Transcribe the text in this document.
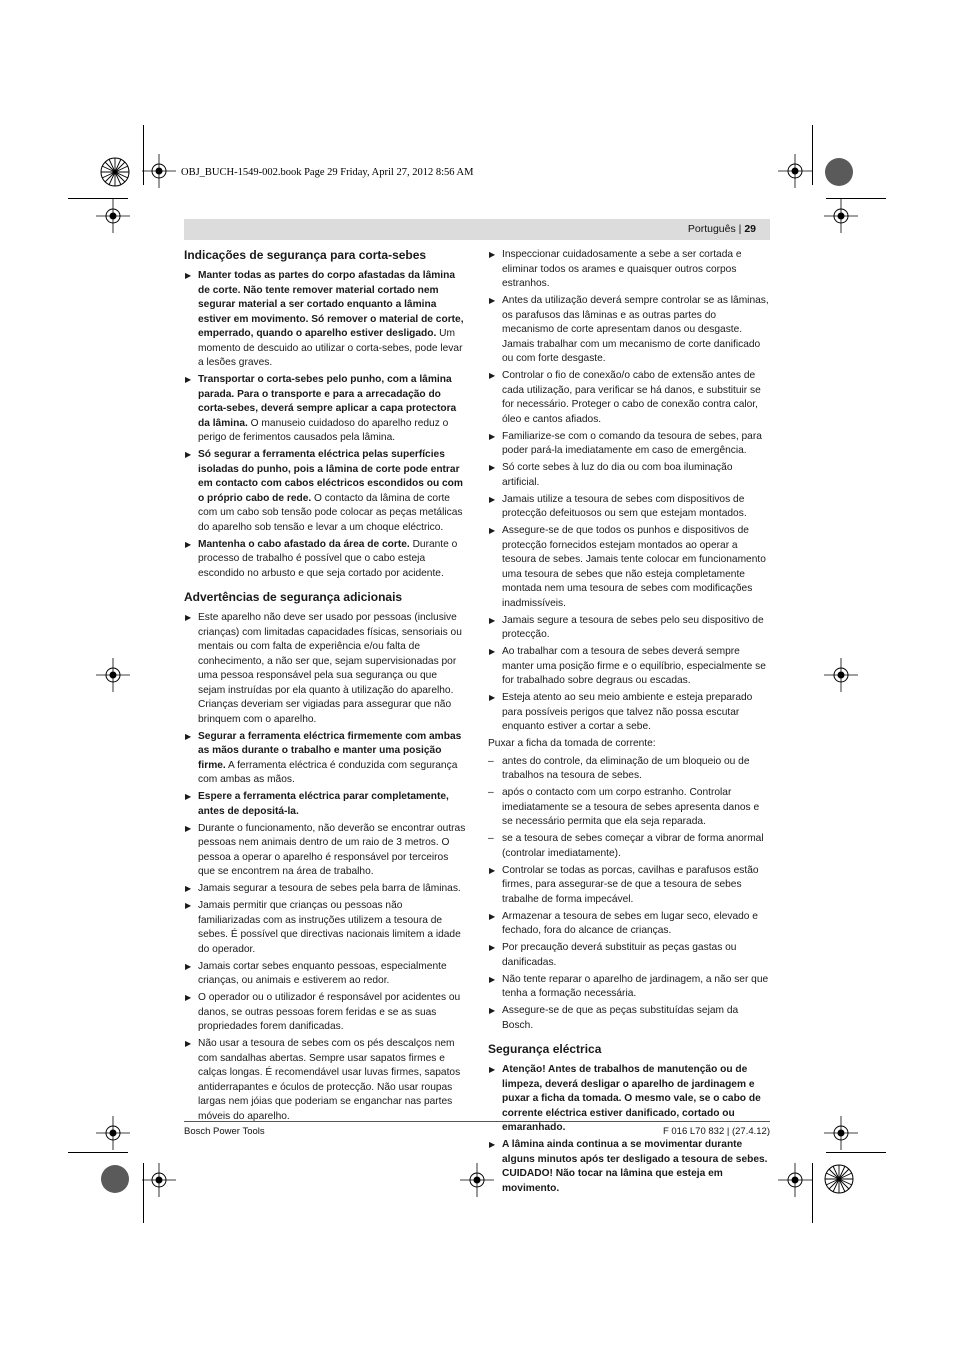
OBJ_BUCH-1549-002.book Page 29 Friday, April 27, 2012 8:56 AM
Português | 29
Indicações de segurança para corta-sebes
▶ Manter todas as partes do corpo afastadas da lâmina de corte. Não tente remover material cortado nem segurar material a ser cortado enquanto a lâmina estiver em movimento. Só remover o material de corte, emperrado, quando o aparelho estiver desligado. Um momento de descuido ao utilizar o corta-sebes, pode levar a lesões graves.
▶ Transportar o corta-sebes pelo punho, com a lâmina parada. Para o transporte e para a arrecadação do corta-sebes, deverá sempre aplicar a capa protectora da lâmina. O manuseio cuidadoso do aparelho reduz o perigo de ferimentos causados pela lâmina.
▶ Só segurar a ferramenta eléctrica pelas superfícies isoladas do punho, pois a lâmina de corte pode entrar em contacto com cabos eléctricos escondidos ou com o próprio cabo de rede. O contacto da lâmina de corte com um cabo sob tensão pode colocar as peças metálicas do aparelho sob tensão e levar a um choque eléctrico.
▶ Mantenha o cabo afastado da área de corte. Durante o processo de trabalho é possível que o cabo esteja escondido no arbusto e que seja cortado por acidente.
Advertências de segurança adicionais
▶ Este aparelho não deve ser usado por pessoas (inclusive crianças) com limitadas capacidades físicas, sensoriais ou mentais ou com falta de experiência e/ou falta de conhecimento, a não ser que, sejam supervisionadas por uma pessoa responsável pela sua segurança ou que sejam instruídas por ela quanto à utilização do aparelho.
Crianças deveriam ser vigiadas para assegurar que não brinquem com o aparelho.
▶ Segurar a ferramenta eléctrica firmemente com ambas as mãos durante o trabalho e manter uma posição firme. A ferramenta eléctrica é conduzida com segurança com ambas as mãos.
▶ Espere a ferramenta eléctrica parar completamente, antes de depositá-la.
▶ Durante o funcionamento, não deverão se encontrar outras pessoas nem animais dentro de um raio de 3 metros. O pessoa a operar o aparelho é responsável por terceiros que se encontrem na área de trabalho.
▶ Jamais segurar a tesoura de sebes pela barra de lâminas.
▶ Jamais permitir que crianças ou pessoas não familiarizadas com as instruções utilizem a tesoura de sebes. É possível que directivas nacionais limitem a idade do operador.
▶ Jamais cortar sebes enquanto pessoas, especialmente crianças, ou animais e estiverem ao redor.
▶ O operador ou o utilizador é responsável por acidentes ou danos, se outras pessoas forem feridas e se as suas propriedades forem danificadas.
▶ Não usar a tesoura de sebes com os pés descalços nem com sandalhas abertas. Sempre usar sapatos firmes e calças longas. É recomendável usar luvas firmes, sapatos antiderrapantes e óculos de protecção. Não usar roupas largas nem jóias que poderiam se enganchar nas partes móveis do aparelho.
▶ Inspeccionar cuidadosamente a sebe a ser cortada e eliminar todos os arames e quaisquer outros corpos estranhos.
▶ Antes da utilização deverá sempre controlar se as lâminas, os parafusos das lâminas e as outras partes do mecanismo de corte apresentam danos ou desgaste. Jamais trabalhar com um mecanismo de corte danificado ou com forte desgaste.
▶ Controlar o fio de conexão/o cabo de extensão antes de cada utilização, para verificar se há danos, e substituir se for necessário. Proteger o cabo de conexão contra calor, óleo e cantos afiados.
▶ Familiarize-se com o comando da tesoura de sebes, para poder pará-la imediatamente em caso de emergência.
▶ Só corte sebes à luz do dia ou com boa iluminação artificial.
▶ Jamais utilize a tesoura de sebes com dispositivos de protecção defeituosos ou sem que estejam montados.
▶ Assegure-se de que todos os punhos e dispositivos de protecção fornecidos estejam montados ao operar a tesoura de sebes. Jamais tente colocar em funcionamento uma tesoura de sebes que não esteja completamente montada nem uma tesoura de sebes com modificações inadmissíveis.
▶ Jamais segure a tesoura de sebes pelo seu dispositivo de protecção.
▶ Ao trabalhar com a tesoura de sebes deverá sempre manter uma posição firme e o equilíbrio, especialmente se for trabalhado sobre degraus ou escadas.
▶ Esteja atento ao seu meio ambiente e esteja preparado para possíveis perigos que talvez não possa escutar enquanto estiver a cortar a sebe.
Puxar a ficha da tomada de corrente:
– antes do controle, da eliminação de um bloqueio ou de trabalhos na tesoura de sebes.
– após o contacto com um corpo estranho. Controlar imediatamente se a tesoura de sebes apresenta danos e se necessário permita que ela seja reparada.
– se a tesoura de sebes começar a vibrar de forma anormal (controlar imediatamente).
▶ Controlar se todas as porcas, cavilhas e parafusos estão firmes, para assegurar-se de que a tesoura de sebes trabalhe de forma impecável.
▶ Armazenar a tesoura de sebes em lugar seco, elevado e fechado, fora do alcance de crianças.
▶ Por precaução deverá substituir as peças gastas ou danificadas.
▶ Não tente reparar o aparelho de jardinagem, a não ser que tenha a formação necessária.
▶ Assegure-se de que as peças substituídas sejam da Bosch.
Segurança eléctrica
▶ Atenção! Antes de trabalhos de manutenção ou de limpeza, deverá desligar o aparelho de jardinagem e puxar a ficha da tomada. O mesmo vale, se o cabo de corrente eléctrica estiver danificado, cortado ou emaranhado.
▶ A lâmina ainda continua a se movimentar durante alguns minutos após ter desligado a tesoura de sebes. CUIDADO! Não tocar na lâmina que esteja em movimento.
Bosch Power Tools	F 016 L70 832 | (27.4.12)
